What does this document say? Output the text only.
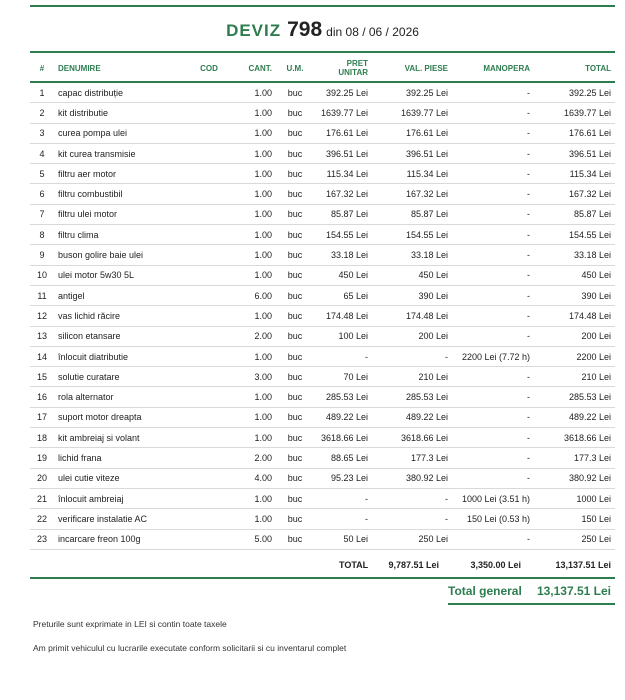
DEVIZ 798 din 08 / 06 / 2026
#	DENUMIRE	COD	CANT.	U.M.	PRET UNITAR	VAL. PIESE	MANOPERA	TOTAL
1	capac distribuție		1.00	buc	392.25 Lei	392.25 Lei	-	392.25 Lei
2	kit distributie		1.00	buc	1639.77 Lei	1639.77 Lei	-	1639.77 Lei
3	curea pompa ulei		1.00	buc	176.61 Lei	176.61 Lei	-	176.61 Lei
4	kit curea transmisie		1.00	buc	396.51 Lei	396.51 Lei	-	396.51 Lei
5	filtru aer motor		1.00	buc	115.34 Lei	115.34 Lei	-	115.34 Lei
6	filtru combustibil		1.00	buc	167.32 Lei	167.32 Lei	-	167.32 Lei
7	filtru ulei motor		1.00	buc	85.87 Lei	85.87 Lei	-	85.87 Lei
8	filtru clima		1.00	buc	154.55 Lei	154.55 Lei	-	154.55 Lei
9	buson golire baie ulei		1.00	buc	33.18 Lei	33.18 Lei	-	33.18 Lei
10	ulei motor 5w30 5L		1.00	buc	450 Lei	450 Lei	-	450 Lei
11	antigel		6.00	buc	65 Lei	390 Lei	-	390 Lei
12	vas lichid răcire		1.00	buc	174.48 Lei	174.48 Lei	-	174.48 Lei
13	silicon etansare		2.00	buc	100 Lei	200 Lei	-	200 Lei
14	înlocuit diatributie		1.00	buc	-	-	2200 Lei (7.72 h)	2200 Lei
15	solutie curatare		3.00	buc	70 Lei	210 Lei	-	210 Lei
16	rola alternator		1.00	buc	285.53 Lei	285.53 Lei	-	285.53 Lei
17	suport motor dreapta		1.00	buc	489.22 Lei	489.22 Lei	-	489.22 Lei
18	kit ambreiaj si volant		1.00	buc	3618.66 Lei	3618.66 Lei	-	3618.66 Lei
19	lichid frana		2.00	buc	88.65 Lei	177.3 Lei	-	177.3 Lei
20	ulei cutie viteze		4.00	buc	95.23 Lei	380.92 Lei	-	380.92 Lei
21	înlocuit ambreiaj		1.00	buc	-	-	1000 Lei (3.51 h)	1000 Lei
22	verificare instalatie AC		1.00	buc	-	-	150 Lei (0.53 h)	150 Lei
23	incarcare freon 100g		5.00	buc	50 Lei	250 Lei	-	250 Lei
TOTAL 9,787.51 Lei	3,350.00 Lei	13,137.51 Lei
Total general 13,137.51 Lei
Preturile sunt exprimate in LEI si contin toate taxele
Am primit vehiculul cu lucrarile executate conform solicitarii si cu inventarul complet
